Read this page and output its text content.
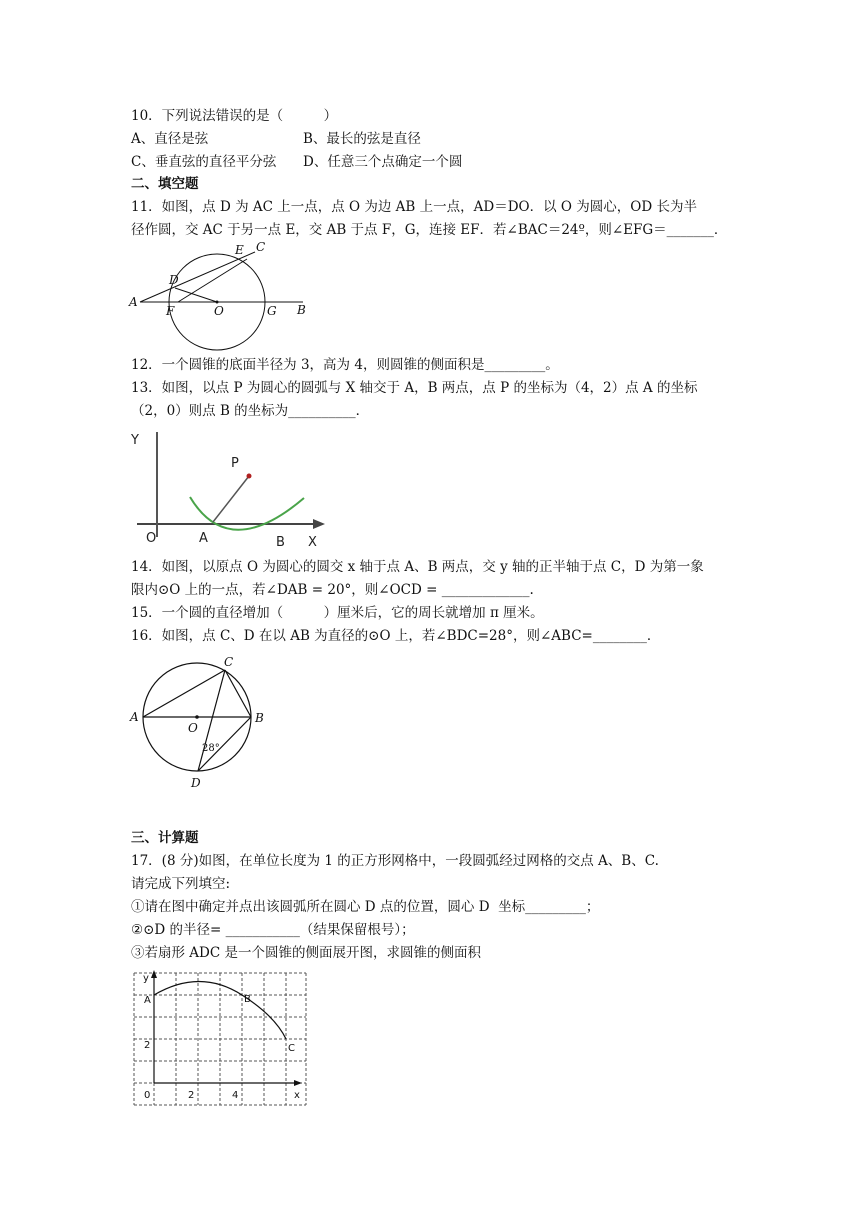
10．下列说法错误的是（　　　）
A、直径是弦	B、最长的弦是直径
C、垂直弦的直径平分弦 D、任意三个点确定一个圆
二、填空题
11．如图，点 D 为 AC 上一点，点 O 为边 AB 上一点，AD＝DO．以 O 为圆心，OD 长为半
径作圆，交 AC 于另一点 E，交 AB 于点 F，G，连接 EF．若∠BAC＝24º，则∠EFG＝_______．
A
B
C
D
E
F	O	G
12．一个圆锥的底面半径为 3，高为 4，则圆锥的侧面积是_________。
13．如图，以点 P 为圆心的圆弧与 X 轴交于 A，B 两点，点 P 的坐标为（4，2）点 A 的坐标
（2，0）则点 B 的坐标为__________．
Y
P
O	A	B X
14．如图，以原点 O 为圆心的圆交 x 轴于点 A、B 两点，交 y 轴的正半轴于点 C，D 为第一象
限内⊙O 上的一点，若∠DAB = 20°，则∠OCD = _____________.
15．一个圆的直径增加（　　　）厘米后，它的周长就增加 π 厘米。
16．如图，点 C、D 在以 AB 为直径的⊙O 上，若∠BDC=28°，则∠ABC=________．
A	B
C
D
O
28°
三、计算题
17．(8 分)如图，在单位长度为 1 的正方形网格中，一段圆弧经过网格的交点 A、B、C.
请完成下列填空:
①请在图中确定并点出该圆弧所在圆心 D 点的位置，圆心 D  坐标_________；
②⊙D 的半径= ___________（结果保留根号）；
③若扇形 ADC 是一个圆锥的侧面展开图，求圆锥的侧面积
y
A	B
C
2
0	2	4	x
